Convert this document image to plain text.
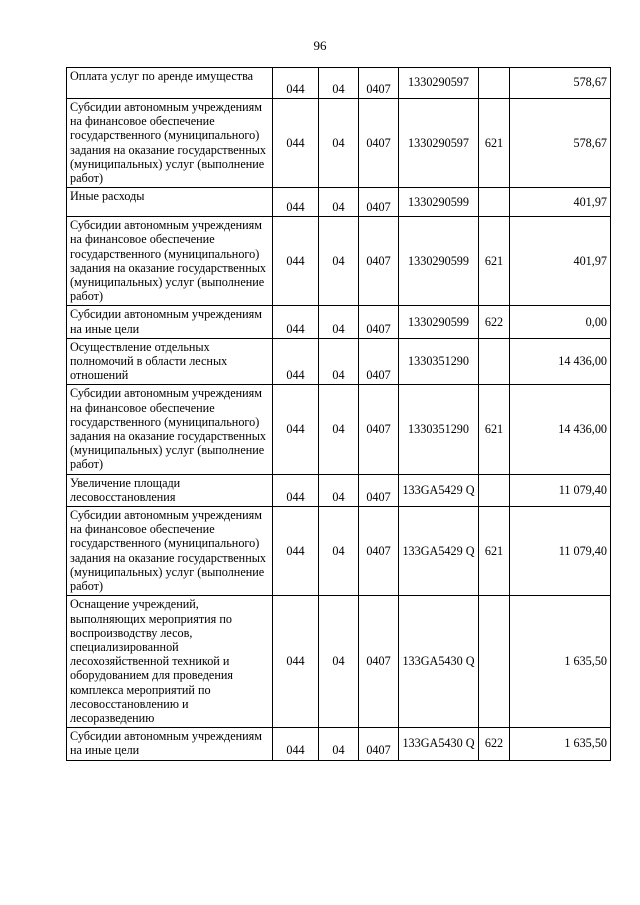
96
Оплата услуг по аренде имущества	044	04	0407	1330290597		578,67
Субсидии автономным учреждениям на финансовое обеспечение государственного (муниципального) задания на оказание государственных (муниципальных) услуг (выполнение работ)	044	04	0407	1330290597	621	578,67
Иные расходы	044	04	0407	1330290599		401,97
Субсидии автономным учреждениям на финансовое обеспечение государственного (муниципального) задания на оказание государственных (муниципальных) услуг (выполнение работ)	044	04	0407	1330290599	621	401,97
Субсидии автономным учреждениям на иные цели	044	04	0407	1330290599	622	0,00
Осуществление отдельных полномочий в области лесных отношений	044	04	0407	1330351290		14 436,00
Субсидии автономным учреждениям на финансовое обеспечение государственного (муниципального) задания на оказание государственных (муниципальных) услуг (выполнение работ)	044	04	0407	1330351290	621	14 436,00
Увеличение площади лесовосстановления	044	04	0407	133GA5429 Q		11 079,40
Субсидии автономным учреждениям на финансовое обеспечение государственного (муниципального) задания на оказание государственных (муниципальных) услуг (выполнение работ)	044	04	0407	133GA5429 Q	621	11 079,40
Оснащение учреждений, выполняющих мероприятия по воспроизводству лесов, специализированной лесохозяйственной техникой и оборудованием для проведения комплекса мероприятий по лесовосстановлению и лесоразведению	044	04	0407	133GA5430 Q		1 635,50
Субсидии автономным учреждениям на иные цели	044	04	0407	133GA5430 Q	622	1 635,50
